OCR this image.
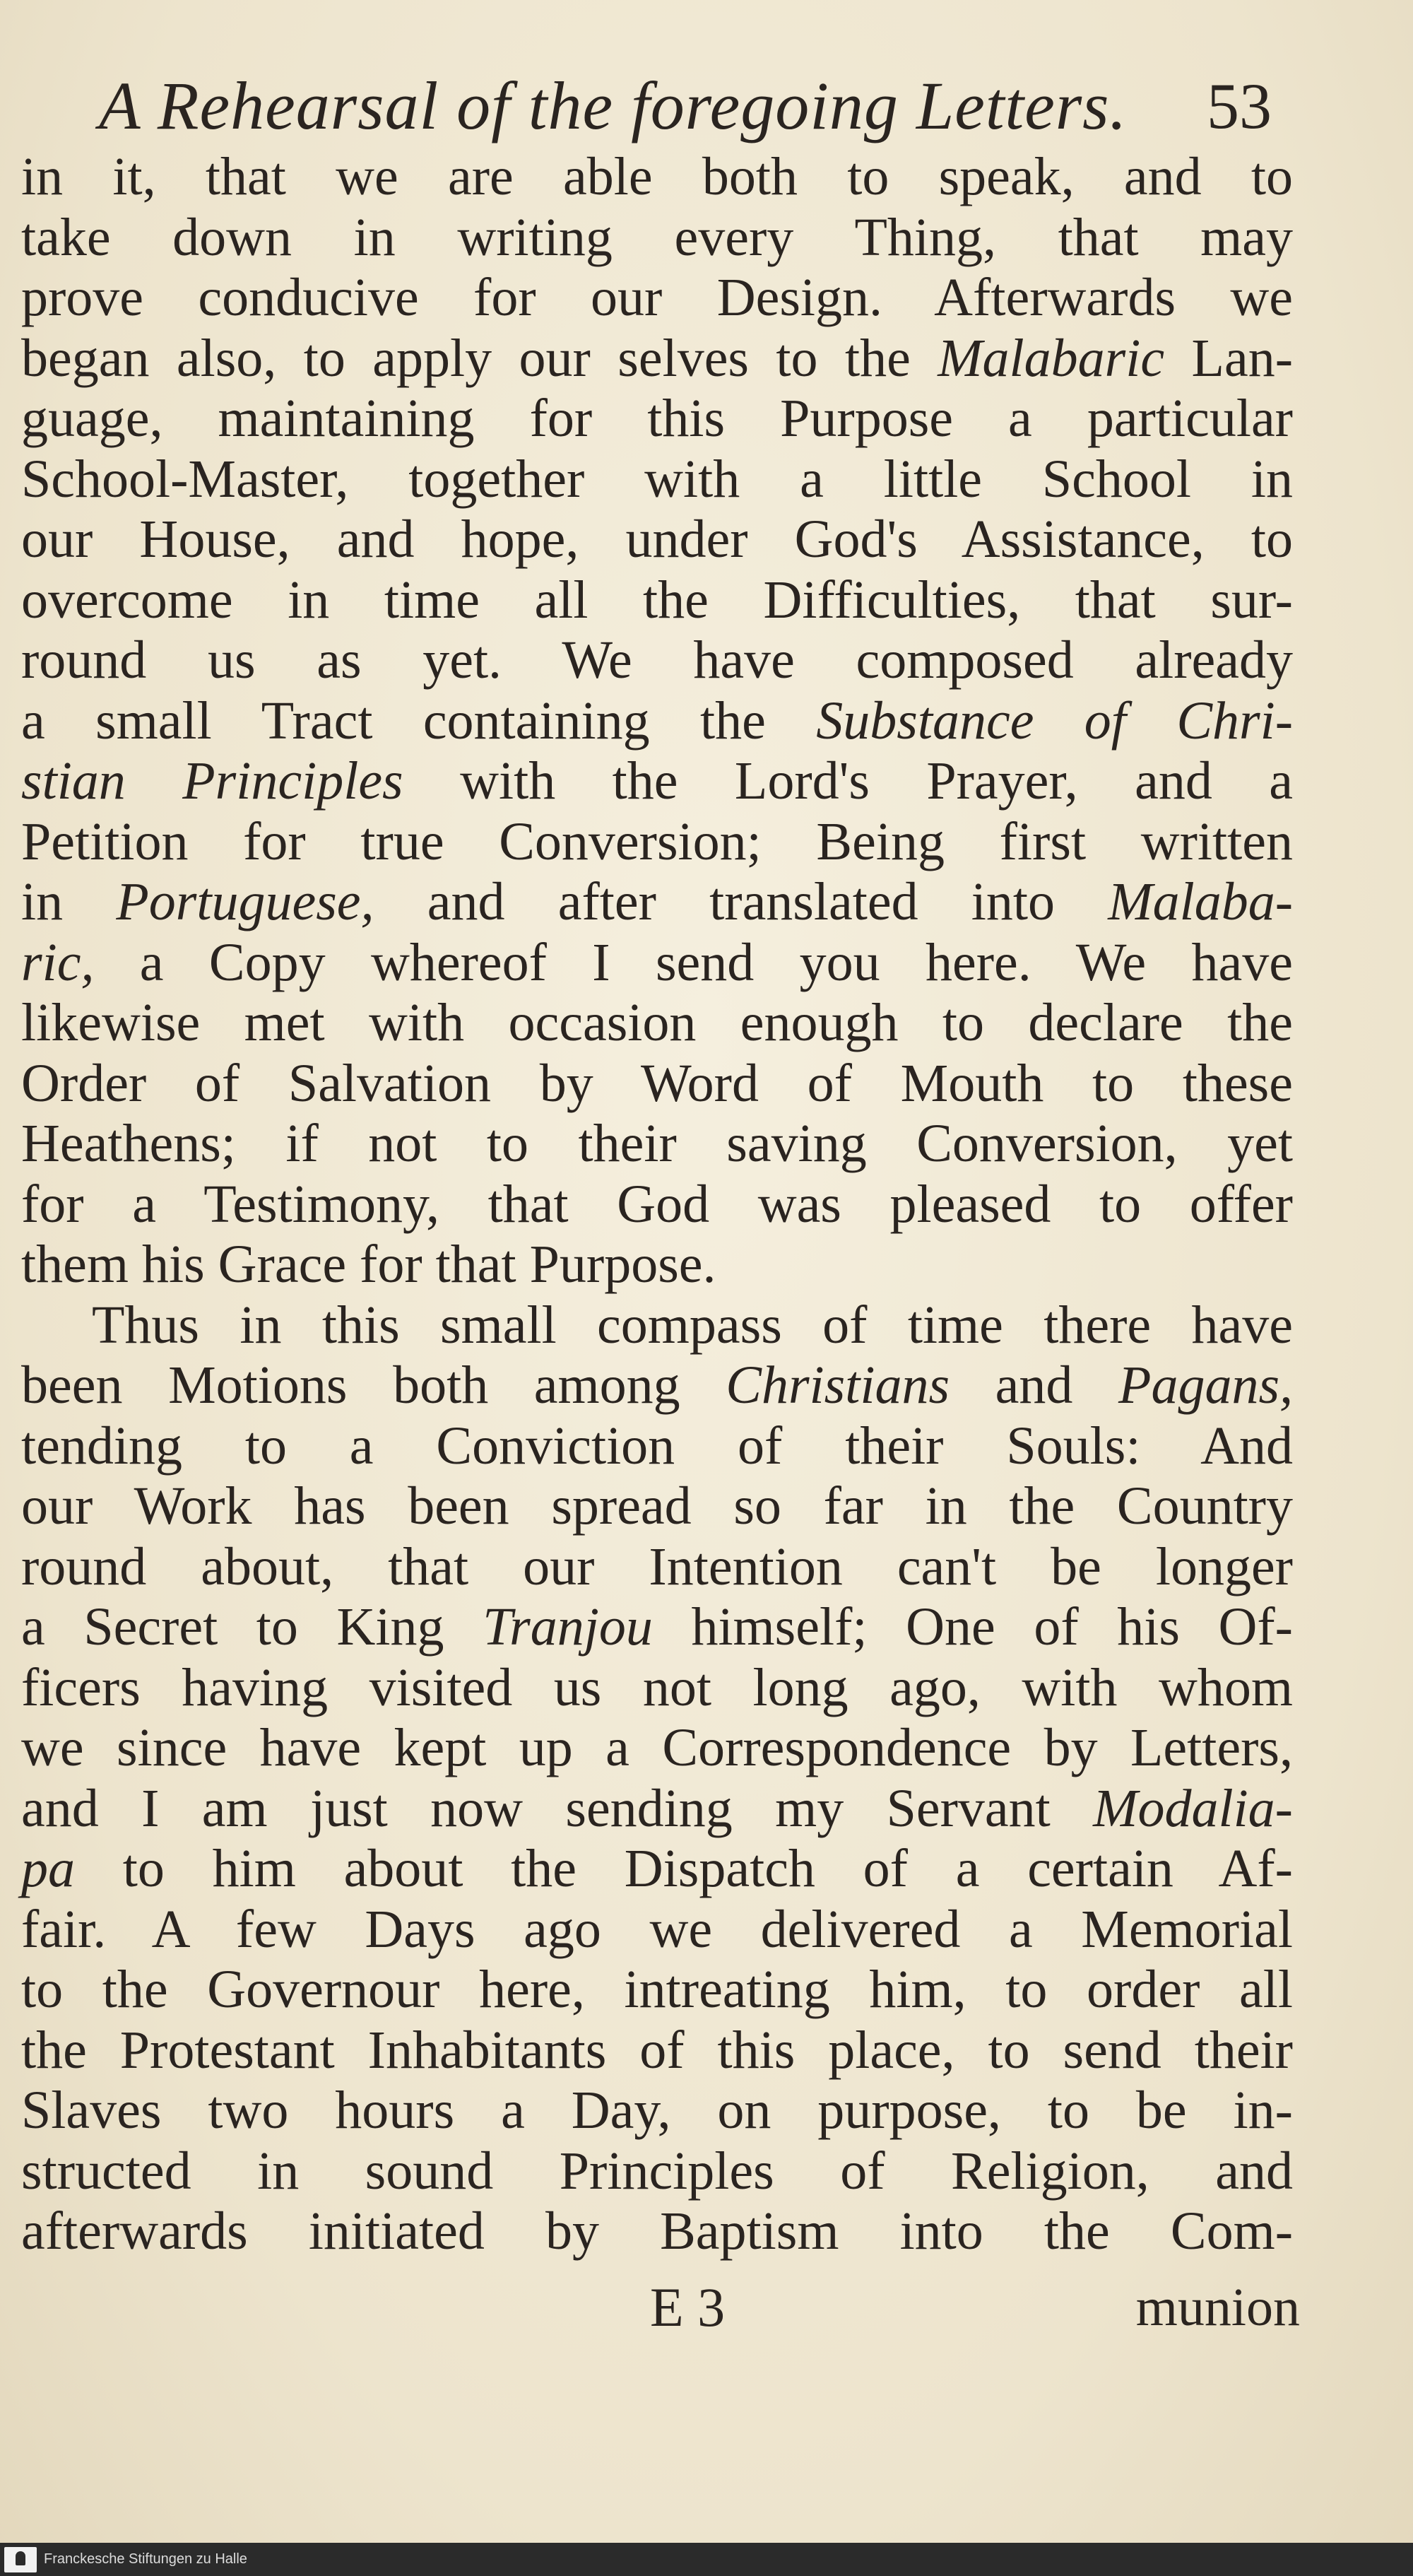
A Rehearsal of the foregoing Letters. 53
in it, that we are able both to speak, and to
take down in writing every Thing, that may
prove conducive for our Design. Afterwards we
began also, to apply our selves to the Malabaric Lan-
guage, maintaining for this Purpose a particular
School-Master, together with a little School in
our House, and hope, under God's Assistance, to
overcome in time all the Difficulties, that sur-
round us as yet. We have composed already
a small Tract containing the Substance of Chri-
stian Principles with the Lord's Prayer, and a
Petition for true Conversion; Being first written
in Portuguese, and after translated into Malaba-
ric, a Copy whereof I send you here. We have
likewise met with occasion enough to declare the
Order of Salvation by Word of Mouth to these
Heathens; if not to their saving Conversion, yet
for a Testimony, that God was pleased to offer
them his Grace for that Purpose.
Thus in this small compass of time there have
been Motions both among Christians and Pagans,
tending to a Conviction of their Souls: And
our Work has been spread so far in the Country
round about, that our Intention can't be longer
a Secret to King Tranjou himself; One of his Of-
ficers having visited us not long ago, with whom
we since have kept up a Correspondence by Letters,
and I am just now sending my Servant Modalia-
pa to him about the Dispatch of a certain Af-
fair. A few Days ago we delivered a Memorial
to the Governour here, intreating him, to order all
the Protestant Inhabitants of this place, to send their
Slaves two hours a Day, on purpose, to be in-
structed in sound Principles of Religion, and
afterwards initiated by Baptism into the Com-
E 3	munion
Franckesche Stiftungen zu Halle
